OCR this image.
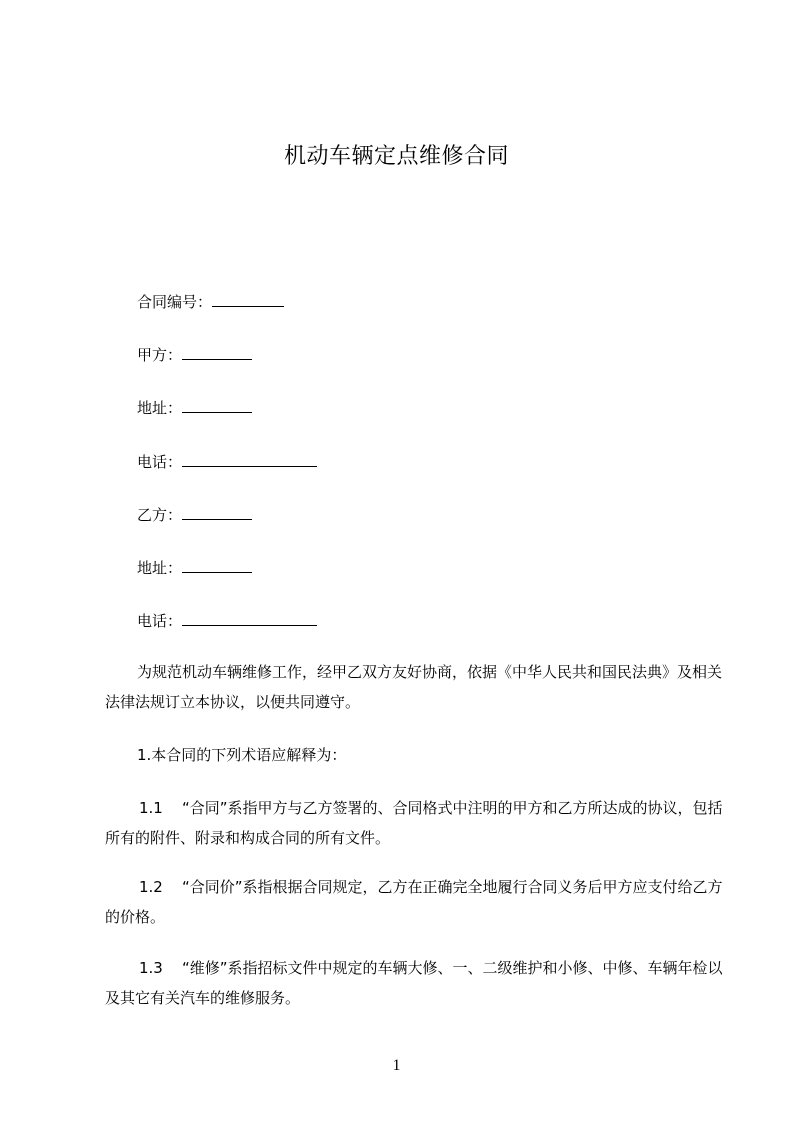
机动车辆定点维修合同
合同编号：
甲方：
地址：
电话：
乙方：
地址：
电话：
为规范机动车辆维修工作，经甲乙双方友好协商，依据《中华人民共和国民法典》及相关法律法规订立本协议，以便共同遵守。
1.本合同的下列术语应解释为：
1.1 “合同”系指甲方与乙方签署的、合同格式中注明的甲方和乙方所达成的协议，包括所有的附件、附录和构成合同的所有文件。
1.2 “合同价”系指根据合同规定，乙方在正确完全地履行合同义务后甲方应支付给乙方的价格。
1.3 “维修”系指招标文件中规定的车辆大修、一、二级维护和小修、中修、车辆年检以及其它有关汽车的维修服务。
1
